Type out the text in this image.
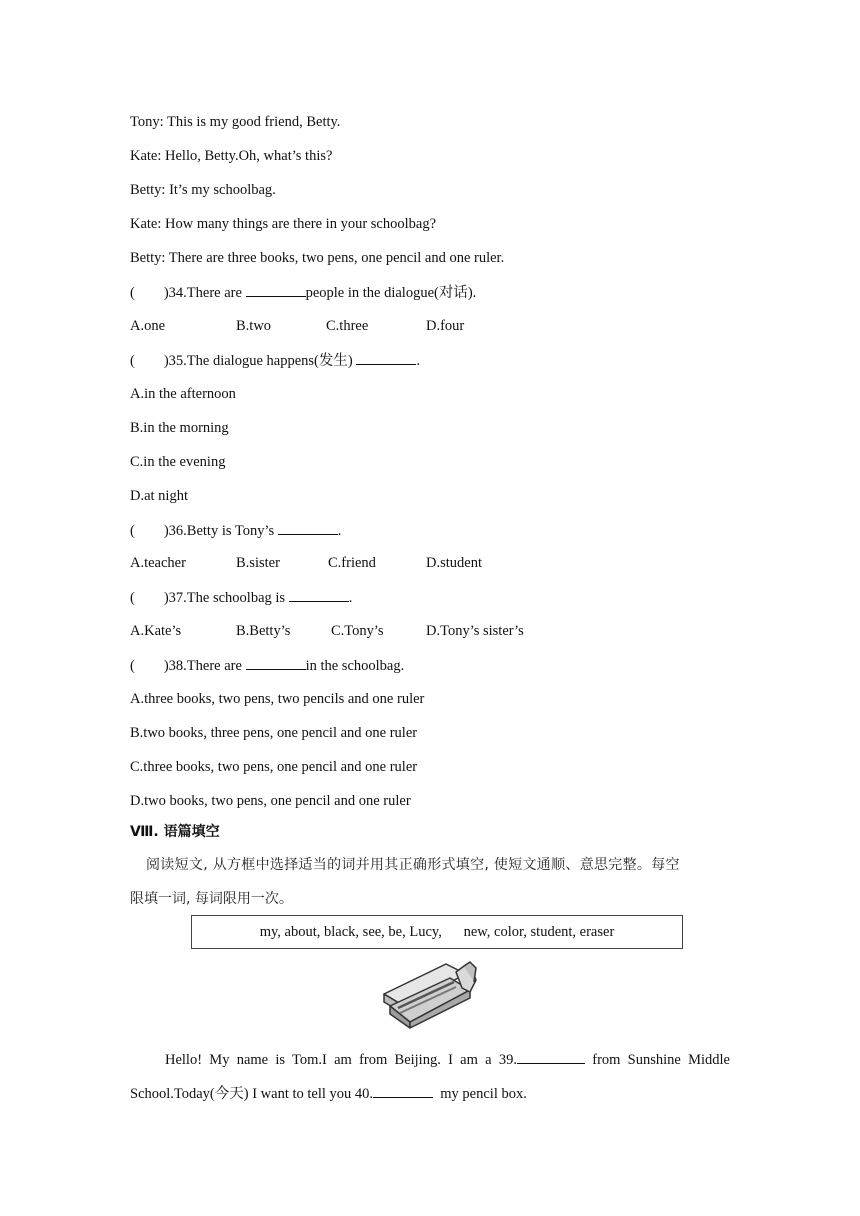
Tony: This is my good friend, Betty.
Kate: Hello, Betty.Oh, what’s this?
Betty: It’s my schoolbag.
Kate: How many things are there in your schoolbag?
Betty: There are three books, two pens, one pencil and one ruler.
(        )34.There are	people in the dialogue(对话).
A.one	B.two	C.three	D.four
(        )35.The dialogue happens(发生)	.
A.in the afternoon
B.in the morning
C.in the evening
D.at night
(        )36.Betty is Tony’s	.
A.teacher	B.sister	C.friend	D.student
(        )37.The schoolbag is	.
A.Kate’s	B.Betty’s	C.Tony’s	D.Tony’s sister’s
(        )38.There are	in the schoolbag.
A.three books, two pens, two pencils and one ruler
B.two books, three pens, one pencil and one ruler
C.three books, two pens, one pencil and one ruler
D.two books, two pens, one pencil and one ruler
Ⅷ. 语篇填空
阅读短文, 从方框中选择适当的词并用其正确形式填空, 使短文通顺、意思完整。每空
限填一词, 每词限用一次。
my, about, black, see, be, Lucy,      new, color, student, eraser
Hello! My name is Tom.I am from Beijing. I am a 39.	from Sunshine Middle
School.Today(今天) I want to tell you 40.	my pencil box.
